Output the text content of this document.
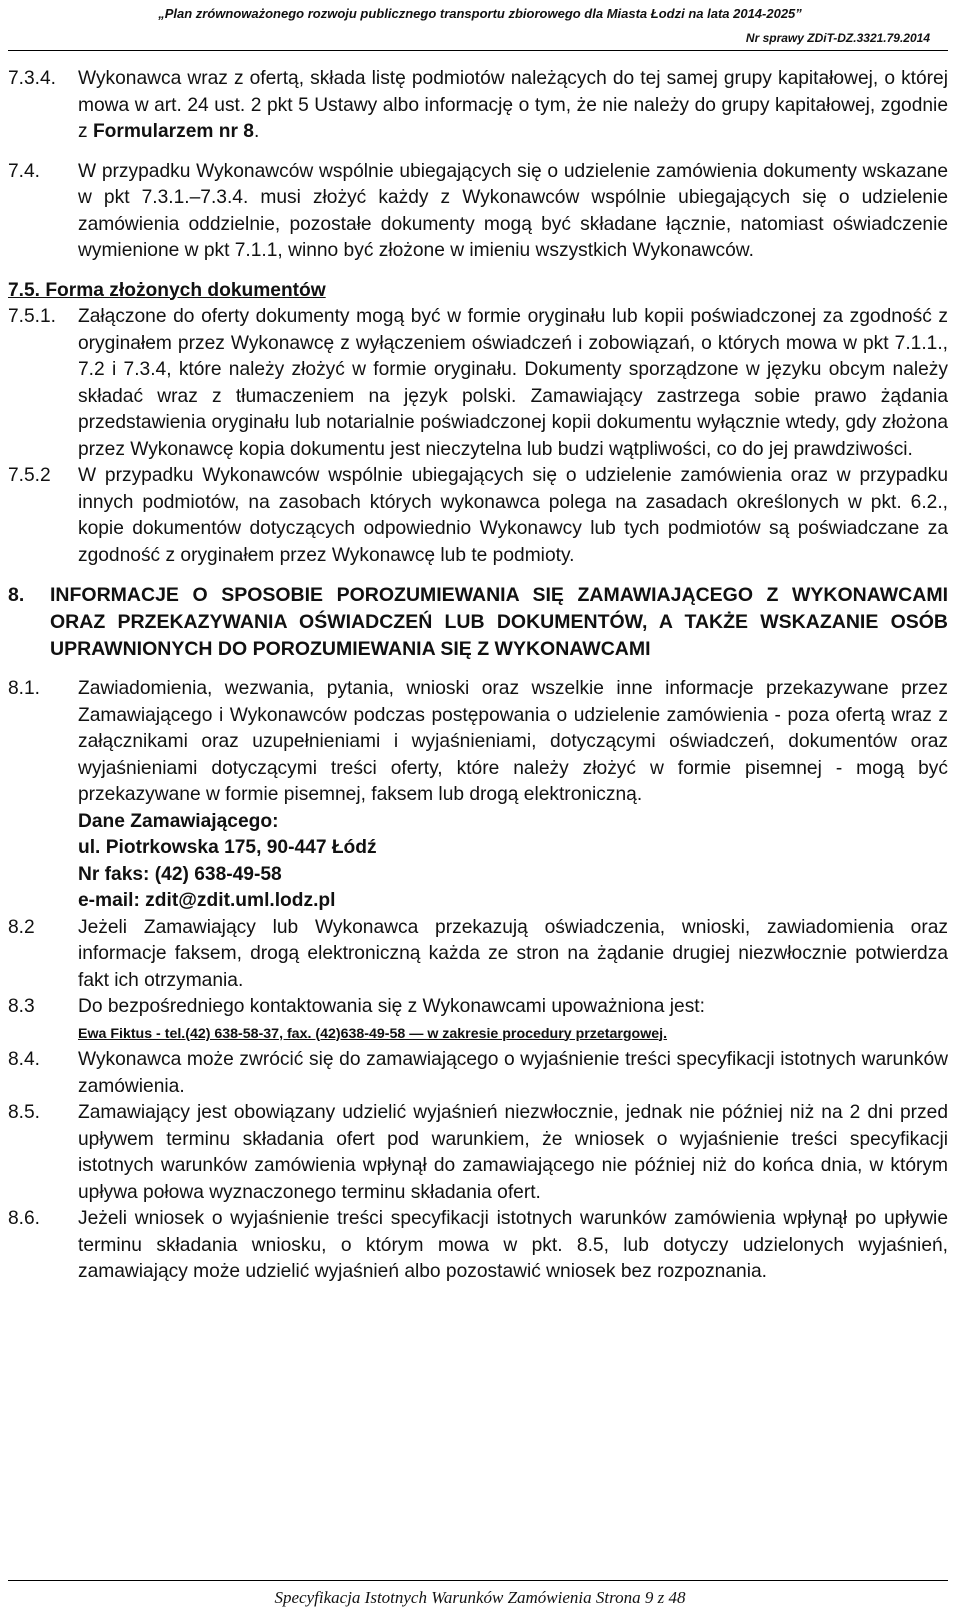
„Plan zrównoważonego rozwoju publicznego transportu zbiorowego dla Miasta Łodzi na lata 2014-2025”
Nr sprawy ZDiT-DZ.3321.79.2014
7.3.4.	Wykonawca wraz z ofertą, składa listę podmiotów należących do tej samej grupy kapitałowej, o której mowa w art. 24 ust. 2 pkt 5 Ustawy albo informację o tym, że nie należy do grupy kapitałowej, zgodnie z Formularzem nr 8.
7.4.	W przypadku Wykonawców wspólnie ubiegających się o udzielenie zamówienia dokumenty wskazane w pkt 7.3.1.–7.3.4. musi złożyć każdy z Wykonawców wspólnie ubiegających się o udzielenie zamówienia oddzielnie, pozostałe dokumenty mogą być składane łącznie, natomiast oświadczenie wymienione w pkt 7.1.1, winno być złożone w imieniu wszystkich Wykonawców.
7.5. Forma złożonych dokumentów
7.5.1.	Załączone do oferty dokumenty mogą być w formie oryginału lub kopii poświadczonej za zgodność z oryginałem przez Wykonawcę z wyłączeniem oświadczeń i zobowiązań, o których mowa w pkt 7.1.1., 7.2 i 7.3.4, które należy złożyć w formie oryginału. Dokumenty sporządzone w języku obcym należy składać wraz z tłumaczeniem na język polski. Zamawiający zastrzega sobie prawo żądania przedstawienia oryginału lub notarialnie poświadczonej kopii dokumentu wyłącznie wtedy, gdy złożona przez Wykonawcę kopia dokumentu jest nieczytelna lub budzi wątpliwości, co do jej prawdziwości.
7.5.2	W przypadku Wykonawców wspólnie ubiegających się o udzielenie zamówienia oraz w przypadku innych podmiotów, na zasobach których wykonawca polega na zasadach określonych w pkt. 6.2., kopie dokumentów dotyczących odpowiednio Wykonawcy lub tych podmiotów są poświadczane za zgodność z oryginałem przez Wykonawcę lub te podmioty.
8.	INFORMACJE O SPOSOBIE POROZUMIEWANIA SIĘ ZAMAWIAJĄCEGO Z WYKONAWCAMI ORAZ PRZEKAZYWANIA OŚWIADCZEŃ LUB DOKUMENTÓW, A TAKŻE WSKAZANIE OSÓB UPRAWNIONYCH DO POROZUMIEWANIA SIĘ Z WYKONAWCAMI
8.1.	Zawiadomienia, wezwania, pytania, wnioski oraz wszelkie inne informacje przekazywane przez Zamawiającego i Wykonawców podczas postępowania o udzielenie zamówienia - poza ofertą wraz z załącznikami oraz uzupełnieniami i wyjaśnieniami, dotyczącymi oświadczeń, dokumentów oraz wyjaśnieniami dotyczącymi treści oferty, które należy złożyć w formie pisemnej - mogą być przekazywane w formie pisemnej, faksem lub drogą elektroniczną.
Dane Zamawiającego:
ul. Piotrkowska 175, 90-447 Łódź
Nr faks: (42) 638-49-58
e-mail: zdit@zdit.uml.lodz.pl
8.2	Jeżeli Zamawiający lub Wykonawca przekazują oświadczenia, wnioski, zawiadomienia oraz informacje faksem, drogą elektroniczną każda ze stron na żądanie drugiej niezwłocznie potwierdza fakt ich otrzymania.
8.3	Do bezpośredniego kontaktowania się z Wykonawcami upoważniona jest:
Ewa Fiktus - tel.(42) 638-58-37, fax. (42)638-49-58 — w zakresie procedury przetargowej.
8.4.	Wykonawca może zwrócić się do zamawiającego o wyjaśnienie treści specyfikacji istotnych warunków zamówienia.
8.5.	Zamawiający jest obowiązany udzielić wyjaśnień niezwłocznie, jednak nie później niż na 2 dni przed upływem terminu składania ofert pod warunkiem, że wniosek o wyjaśnienie treści specyfikacji istotnych warunków zamówienia wpłynął do zamawiającego nie później niż do końca dnia, w którym upływa połowa wyznaczonego terminu składania ofert.
8.6.	Jeżeli wniosek o wyjaśnienie treści specyfikacji istotnych warunków zamówienia wpłynął po upływie terminu składania wniosku, o którym mowa w pkt. 8.5, lub dotyczy udzielonych wyjaśnień, zamawiający może udzielić wyjaśnień albo pozostawić wniosek bez rozpoznania.
Specyfikacja Istotnych Warunków Zamówienia Strona 9 z 48
